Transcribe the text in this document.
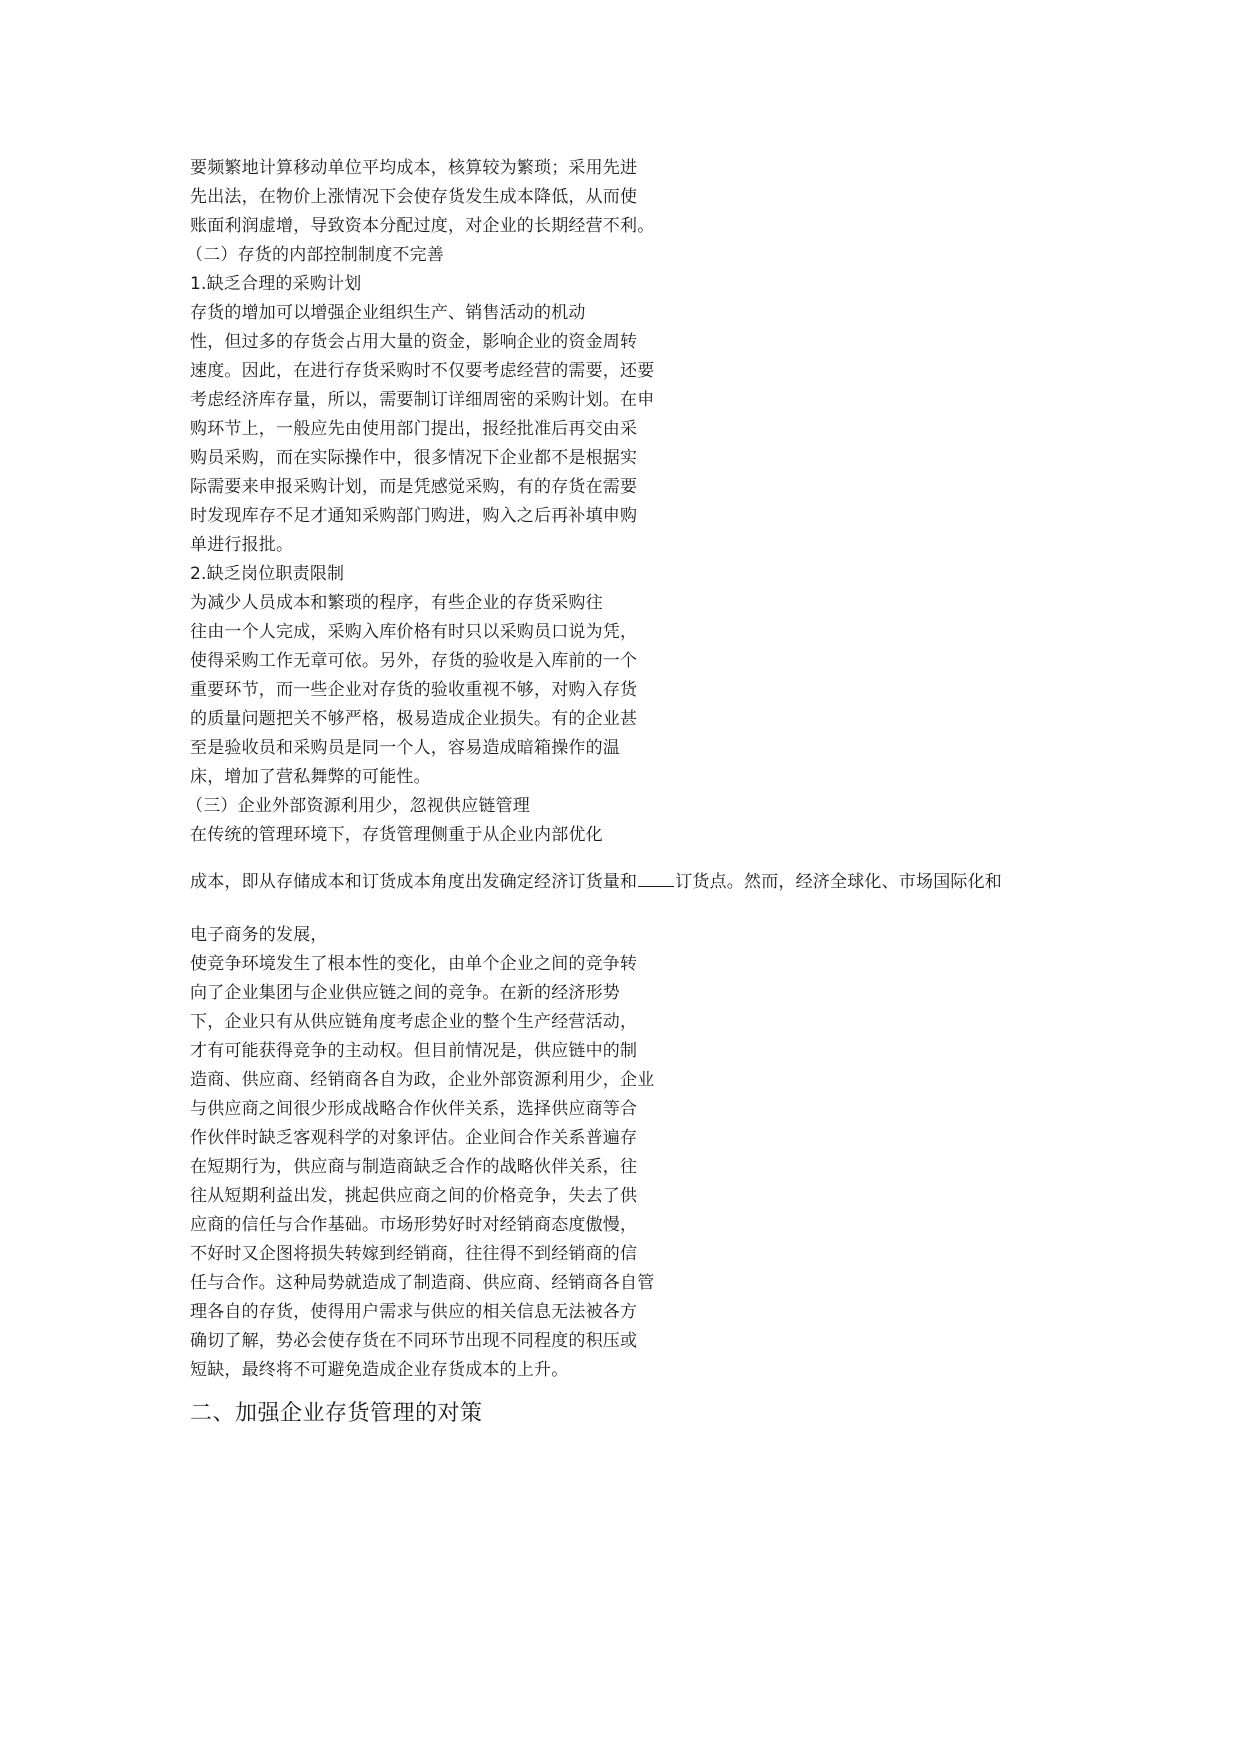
要频繁地计算移动单位平均成本，核算较为繁琐；采用先进
先出法，在物价上涨情况下会使存货发生成本降低，从而使
账面利润虚增，导致资本分配过度，对企业的长期经营不利。
（二）存货的内部控制制度不完善
1.缺乏合理的采购计划
存货的增加可以增强企业组织生产、销售活动的机动
性，但过多的存货会占用大量的资金，影响企业的资金周转
速度。因此，在进行存货采购时不仅要考虑经营的需要，还要
考虑经济库存量，所以，需要制订详细周密的采购计划。在申
购环节上，一般应先由使用部门提出，报经批准后再交由采
购员采购，而在实际操作中，很多情况下企业都不是根据实
际需要来申报采购计划，而是凭感觉采购，有的存货在需要
时发现库存不足才通知采购部门购进，购入之后再补填申购
单进行报批。
2.缺乏岗位职责限制
为减少人员成本和繁琐的程序，有些企业的存货采购往
往由一个人完成，采购入库价格有时只以采购员口说为凭，
使得采购工作无章可依。另外，存货的验收是入库前的一个
重要环节，而一些企业对存货的验收重视不够，对购入存货
的质量问题把关不够严格，极易造成企业损失。有的企业甚
至是验收员和采购员是同一个人，容易造成暗箱操作的温
床，增加了营私舞弊的可能性。
（三）企业外部资源利用少，忽视供应链管理
在传统的管理环境下，存货管理侧重于从企业内部优化
成本，即从存储成本和订货成本角度出发确定经济订货量和 订货点。然而，经济全球化、市场国际化和
电子商务的发展，
使竞争环境发生了根本性的变化，由单个企业之间的竞争转
向了企业集团与企业供应链之间的竞争。在新的经济形势
下，企业只有从供应链角度考虑企业的整个生产经营活动，
才有可能获得竞争的主动权。但目前情况是，供应链中的制
造商、供应商、经销商各自为政，企业外部资源利用少，企业
与供应商之间很少形成战略合作伙伴关系，选择供应商等合
作伙伴时缺乏客观科学的对象评估。企业间合作关系普遍存
在短期行为，供应商与制造商缺乏合作的战略伙伴关系，往
往从短期利益出发，挑起供应商之间的价格竞争，失去了供
应商的信任与合作基础。市场形势好时对经销商态度傲慢，
不好时又企图将损失转嫁到经销商，往往得不到经销商的信
任与合作。这种局势就造成了制造商、供应商、经销商各自管
理各自的存货，使得用户需求与供应的相关信息无法被各方
确切了解，势必会使存货在不同环节出现不同程度的积压或
短缺，最终将不可避免造成企业存货成本的上升。
二、加强企业存货管理的对策
